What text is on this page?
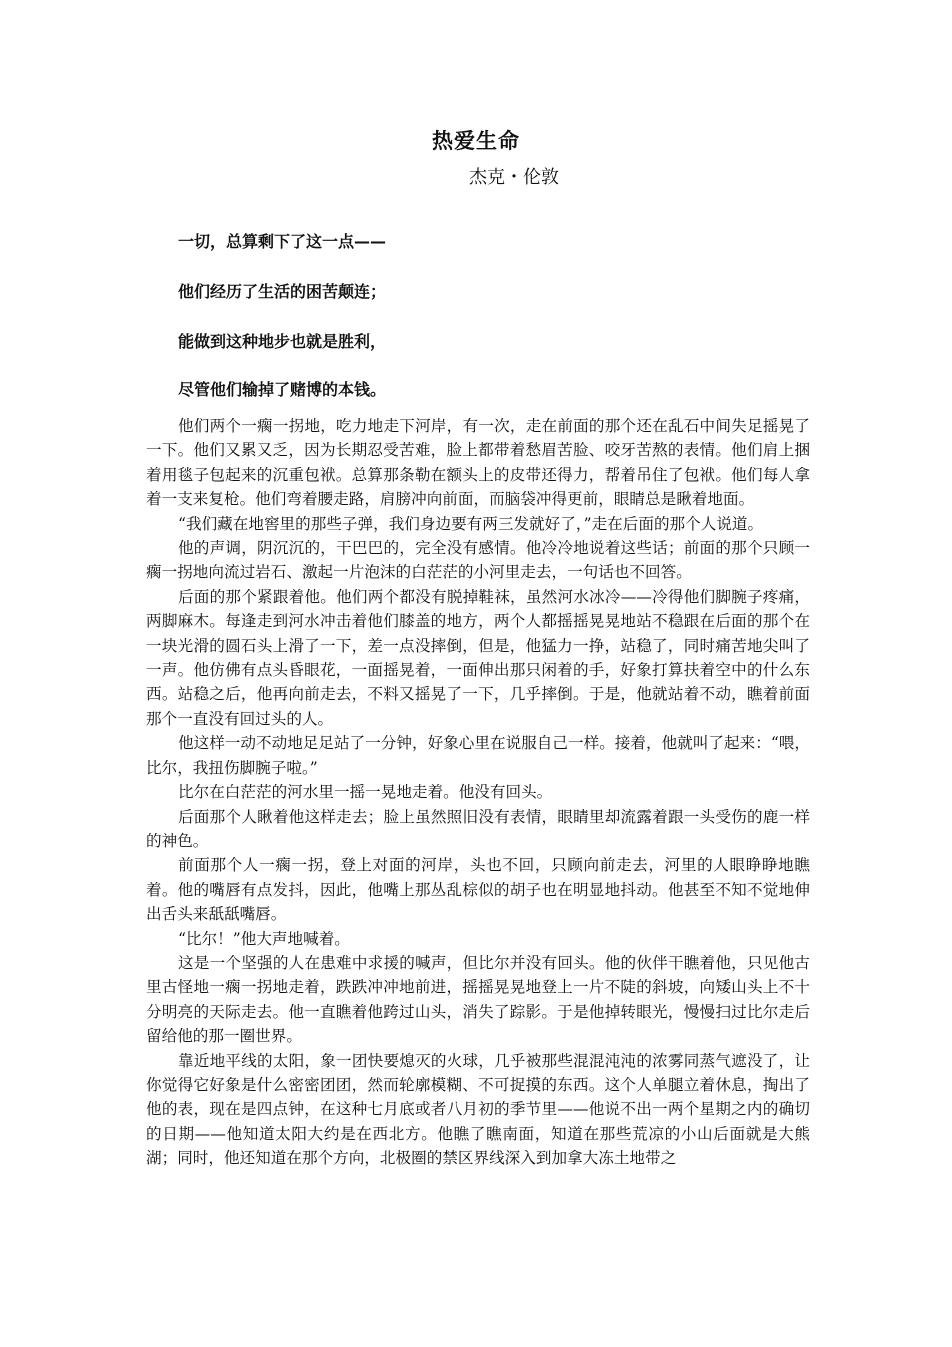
热爱生命
杰克・伦敦
一切，总算剩下了这一点——
他们经历了生活的困苦颠连；
能做到这种地步也就是胜利，
尽管他们输掉了赌博的本钱。

他们两个一瘸一拐地，吃力地走下河岸，有一次，走在前面的那个还在乱石中间失足摇晃了一下。他们又累又乏，因为长期忍受苦难，脸上都带着愁眉苦脸、咬牙苦熬的表情。他们肩上捆着用毯子包起来的沉重包袱。总算那条勒在额头上的皮带还得力，帮着吊住了包袱。他们每人拿着一支来复枪。他们弯着腰走路，肩膀冲向前面，而脑袋冲得更前，眼睛总是瞅着地面。

“我们藏在地窖里的那些子弹，我们身边要有两三发就好了，”走在后面的那个人说道。

他的声调，阴沉沉的，干巴巴的，完全没有感情。他冷冷地说着这些话；前面的那个只顾一瘸一拐地向流过岩石、激起一片泡沫的白茫茫的小河里走去，一句话也不回答。

后面的那个紧跟着他。他们两个都没有脱掉鞋袜，虽然河水冰冷——冷得他们脚腕子疼痛，两脚麻木。每逢走到河水冲击着他们膝盖的地方，两个人都摇摇晃晃地站不稳跟在后面的那个在一块光滑的圆石头上滑了一下，差一点没摔倒，但是，他猛力一挣，站稳了，同时痛苦地尖叫了一声。他仿佛有点头昏眼花，一面摇晃着，一面伸出那只闲着的手，好象打算扶着空中的什么东西。站稳之后，他再向前走去，不料又摇晃了一下，几乎摔倒。于是，他就站着不动，瞧着前面那个一直没有回过头的人。

他这样一动不动地足足站了一分钟，好象心里在说服自己一样。接着，他就叫了起来：“喂，比尔，我扭伤脚腕子啦。”

比尔在白茫茫的河水里一摇一晃地走着。他没有回头。

后面那个人瞅着他这样走去；脸上虽然照旧没有表情，眼睛里却流露着跟一头受伤的鹿一样的神色。

前面那个人一瘸一拐，登上对面的河岸，头也不回，只顾向前走去，河里的人眼睁睁地瞧着。他的嘴唇有点发抖，因此，他嘴上那丛乱棕似的胡子也在明显地抖动。他甚至不知不觉地伸出舌头来舐舐嘴唇。

“比尔！”他大声地喊着。

这是一个坚强的人在患难中求援的喊声，但比尔并没有回头。他的伙伴干瞧着他，只见他古里古怪地一瘸一拐地走着，跌跌冲冲地前进，摇摇晃晃地登上一片不陡的斜坡，向矮山头上不十分明亮的天际走去。他一直瞧着他跨过山头，消失了踪影。于是他掉转眼光，慢慢扫过比尔走后留给他的那一圈世界。

靠近地平线的太阳，象一团快要熄灭的火球，几乎被那些混混沌沌的浓雾同蒸气遮没了，让你觉得它好象是什么密密团团，然而轮廓模糊、不可捉摸的东西。这个人单腿立着休息，掏出了他的表，现在是四点钟，在这种七月底或者八月初的季节里——他说不出一两个星期之内的确切的日期——他知道太阳大约是在西北方。他瞧了瞧南面，知道在那些荒凉的小山后面就是大熊湖；同时，他还知道在那个方向，北极圈的禁区界线深入到加拿大冻土地带之
